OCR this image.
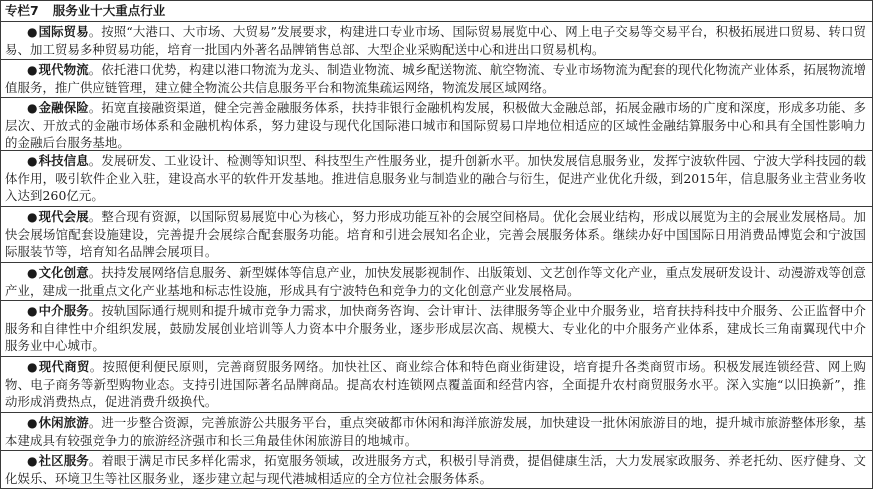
专栏7 服务业十大重点行业
●国际贸易。按照“大港口、大市场、大贸易”发展要求，构建进口专业市场、国际贸易展览中心、网上电子交易等交易平台，积极拓展进口贸易、转口贸易、加工贸易多种贸易功能，培育一批国内外著名品牌销售总部、大型企业采购配送中心和进出口贸易机构。
●现代物流。依托港口优势，构建以港口物流为龙头、制造业物流、城乡配送物流、航空物流、专业市场物流为配套的现代化物流产业体系，拓展物流增值服务，推广供应链管理，建立健全物流公共信息服务平台和物流集疏运网络，物流发展区域网络。
●金融保险。拓宽直接融资渠道，健全完善金融服务体系，扶持非银行金融机构发展，积极做大金融总部，拓展金融市场的广度和深度，形成多功能、多层次、开放式的金融市场体系和金融机构体系，努力建设与现代化国际港口城市和国际贸易口岸地位相适应的区域性金融结算服务中心和具有全国性影响力的金融后台服务基地。
●科技信息。发展研发、工业设计、检测等知识型、科技型生产性服务业，提升创新水平。加快发展信息服务业，发挥宁波软件园、宁波大学科技园的载体作用，吸引软件企业入驻，建设高水平的软件开发基地。推进信息服务业与制造业的融合与衍生，促进产业优化升级，到2015年，信息服务业主营业务收入达到260亿元。
●现代会展。整合现有资源，以国际贸易展览中心为核心，努力形成功能互补的会展空间格局。优化会展业结构，形成以展览为主的会展业发展格局。加快会展场馆配套设施建设，完善提升会展综合配套服务功能。培育和引进会展知名企业，完善会展服务体系。继续办好中国国际日用消费品博览会和宁波国际服装节等，培育知名品牌会展项目。
●文化创意。扶持发展网络信息服务、新型媒体等信息产业，加快发展影视制作、出版策划、文艺创作等文化产业，重点发展研发设计、动漫游戏等创意产业，建成一批重点文化产业基地和标志性设施，形成具有宁波特色和竞争力的文化创意产业发展格局。
●中介服务。按轨国际通行规则和提升城市竞争力需求，加快商务咨询、会计审计、法律服务等企业中介服务业，培育扶持科技中介服务、公正监督中介服务和自律性中介组织发展，鼓励发展创业培训等人力资本中介服务业，逐步形成层次高、规模大、专业化的中介服务产业体系，建成长三角南翼现代中介服务业中心城市。
●现代商贸。按照便利便民原则，完善商贸服务网络。加快社区、商业综合体和特色商业街建设，培育提升各类商贸市场。积极发展连锁经营、网上购物、电子商务等新型购物业态。支持引进国际著名品牌商品。提高农村连锁网点覆盖面和经营内容，全面提升农村商贸服务水平。深入实施“以旧换新”，推动形成消费热点，促进消费升级换代。
●休闲旅游。进一步整合资源，完善旅游公共服务平台，重点突破都市休闲和海洋旅游发展，加快建设一批休闲旅游目的地，提升城市旅游整体形象，基本建成具有较强竞争力的旅游经济强市和长三角最佳休闲旅游目的地城市。
●社区服务。着眼于满足市民多样化需求，拓宽服务领域，改进服务方式，积极引导消费，提倡健康生活，大力发展家政服务、养老托幼、医疗健身、文化娱乐、环境卫生等社区服务业，逐步建立起与现代港城相适应的全方位社会服务体系。
